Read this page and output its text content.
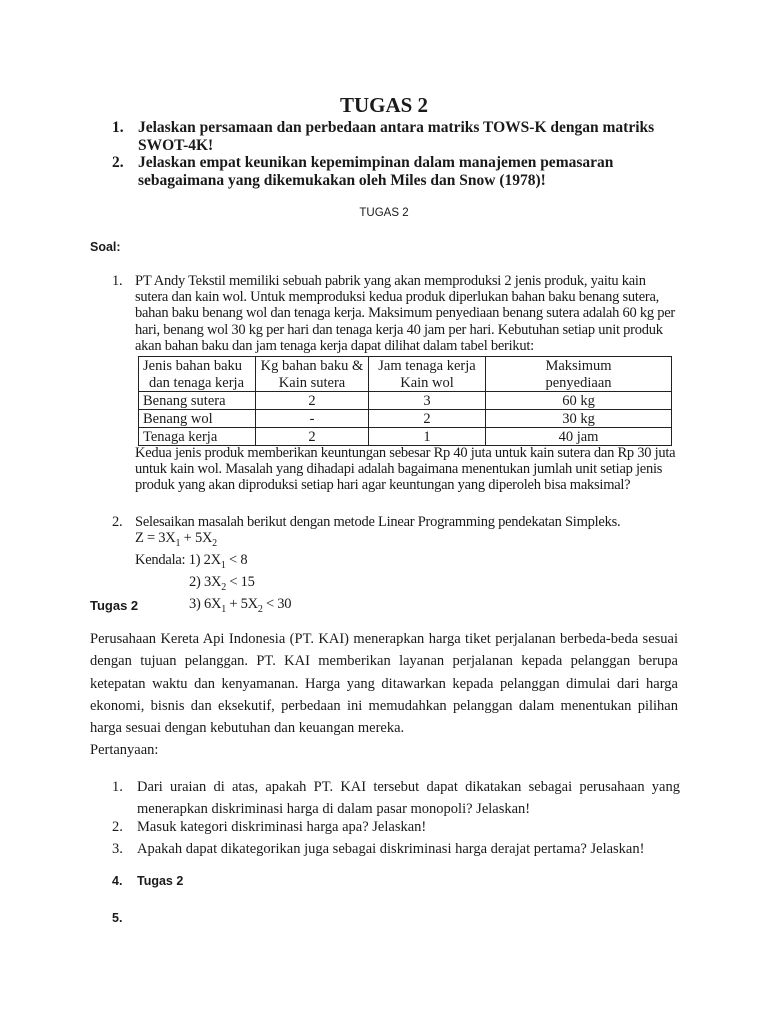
TUGAS 2
1. Jelaskan persamaan dan perbedaan antara matriks TOWS-K dengan matriks SWOT-4K!
2. Jelaskan empat keunikan kepemimpinan dalam manajemen pemasaran sebagaimana yang dikemukakan oleh Miles dan Snow (1978)!
TUGAS 2
Soal:
1. PT Andy Tekstil memiliki sebuah pabrik yang akan memproduksi 2 jenis produk, yaitu kain
sutera dan kain wol. Untuk memproduksi kedua produk diperlukan bahan baku benang sutera,
bahan baku benang wol dan tenaga kerja. Maksimum penyediaan benang sutera adalah 60 kg per
hari, benang wol 30 kg per hari dan tenaga kerja 40 jam per hari. Kebutuhan setiap unit produk
akan bahan baku dan jam tenaga kerja dapat dilihat dalam tabel berikut:
Jenis bahan baku	Kg bahan baku &	Jam tenaga kerja	Maksimum
dan tenaga kerja	Kain sutera	Kain wol	penyediaan
Benang sutera	2	3	60 kg
Benang wol	-	2	30 kg
Tenaga kerja	2	1	40 jam
Kedua jenis produk memberikan keuntungan sebesar Rp 40 juta untuk kain sutera dan Rp 30 juta
untuk kain wol. Masalah yang dihadapi adalah bagaimana menentukan jumlah unit setiap jenis
produk yang akan diproduksi setiap hari agar keuntungan yang diperoleh bisa maksimal?
2. Selesaikan masalah berikut dengan metode Linear Programming pendekatan Simpleks.
$Z = 3X_1 + 5X_2$
Kendala: 1) $2X_1 < 8$
2) $3X_2 < 15$
3) $6X_1 + 5X_2 < 30$
Tugas 2
Perusahaan Kereta Api Indonesia (PT. KAI) menerapkan harga tiket perjalanan berbeda-beda sesuai dengan tujuan pelanggan. PT. KAI memberikan layanan perjalanan kepada pelanggan berupa ketepatan waktu dan kenyamanan. Harga yang ditawarkan kepada pelanggan dimulai dari harga ekonomi, bisnis dan eksekutif, perbedaan ini memudahkan pelanggan dalam menentukan pilihan harga sesuai dengan kebutuhan dan keuangan mereka.
Pertanyaan:
1. Dari uraian di atas, apakah PT. KAI tersebut dapat dikatakan sebagai perusahaan yang menerapkan diskriminasi harga di dalam pasar monopoli? Jelaskan!
2. Masuk kategori diskriminasi harga apa? Jelaskan!
3. Apakah dapat dikategorikan juga sebagai diskriminasi harga derajat pertama? Jelaskan!
4. Tugas 2
5.
